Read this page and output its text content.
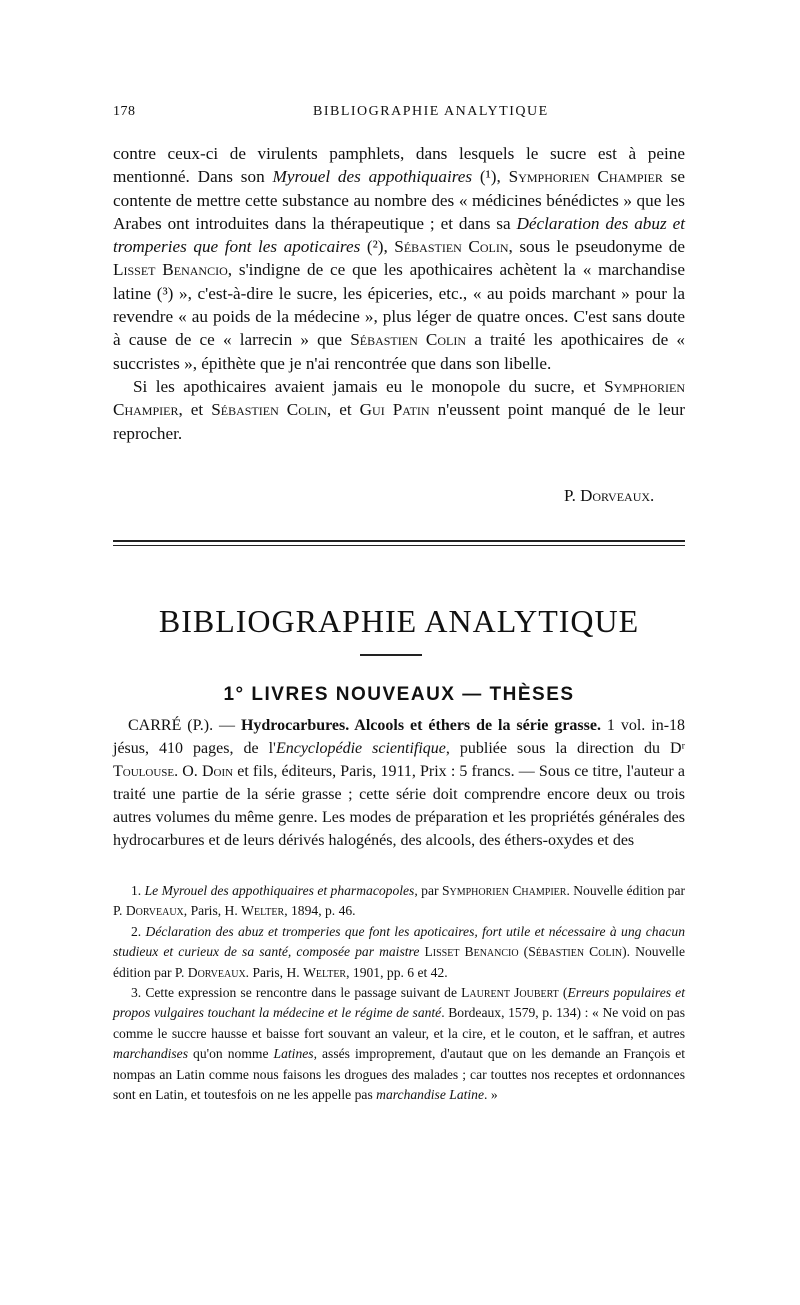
178	BIBLIOGRAPHIE ANALYTIQUE

contre ceux-ci de virulents pamphlets, dans lesquels le sucre est à peine mentionné. Dans son Myrouel des appothiquaires (¹), Symphorien Champier se contente de mettre cette substance au nombre des « médicines bénédictes » que les Arabes ont introduites dans la thérapeutique ; et dans sa Déclaration des abuz et tromperies que font les apoticaires (²), Sébastien Colin, sous le pseudonyme de Lisset Benancio, s'indigne de ce que les apothicaires achètent la « marchandise latine (³) », c'est-à-dire le sucre, les épiceries, etc., « au poids marchant » pour la revendre « au poids de la médecine », plus léger de quatre onces. C'est sans doute à cause de ce « larrecin » que Sébastien Colin a traité les apothicaires de « succristes », épithète que je n'ai rencontrée que dans son libelle.

Si les apothicaires avaient jamais eu le monopole du sucre, et Symphorien Champier, et Sébastien Colin, et Gui Patin n'eussent point manqué de le leur reprocher.

P. Dorveaux.
BIBLIOGRAPHIE ANALYTIQUE
1° LIVRES NOUVEAUX — THÈSES
CARRÉ (P.). — Hydrocarbures. Alcools et éthers de la série grasse. 1 vol. in-18 jésus, 410 pages, de l'Encyclopédie scientifique, publiée sous la direction du Dʳ Toulouse. O. Doin et fils, éditeurs, Paris, 1911, Prix : 5 francs. — Sous ce titre, l'auteur a traité une partie de la série grasse ; cette série doit comprendre encore deux ou trois autres volumes du même genre. Les modes de préparation et les propriétés générales des hydrocarbures et de leurs dérivés halogénés, des alcools, des éthers-oxydes et des

1. Le Myrouel des appothiquaires et pharmacopoles, par Symphorien Champier. Nouvelle édition par P. Dorveaux, Paris, H. Welter, 1894, p. 46.

2. Déclaration des abuz et tromperies que font les apoticaires, fort utile et nécessaire à ung chacun studieux et curieux de sa santé, composée par maistre Lisset Benancio (Sébastien Colin). Nouvelle édition par P. Dorveaux. Paris, H. Welter, 1901, pp. 6 et 42.

3. Cette expression se rencontre dans le passage suivant de Laurent Joubert (Erreurs populaires et propos vulgaires touchant la médecine et le régime de santé. Bordeaux, 1579, p. 134) : « Ne void on pas comme le succre hausse et baisse fort souvant an valeur, et la cire, et le couton, et le saffran, et autres marchandises qu'on nomme Latines, assés improprement, d'autaut que on les demande an François et nompas an Latin comme nous faisons les drogues des malades ; car touttes nos receptes et ordonnances sont en Latin, et toutesfois on ne les appelle pas marchandise Latine. »
